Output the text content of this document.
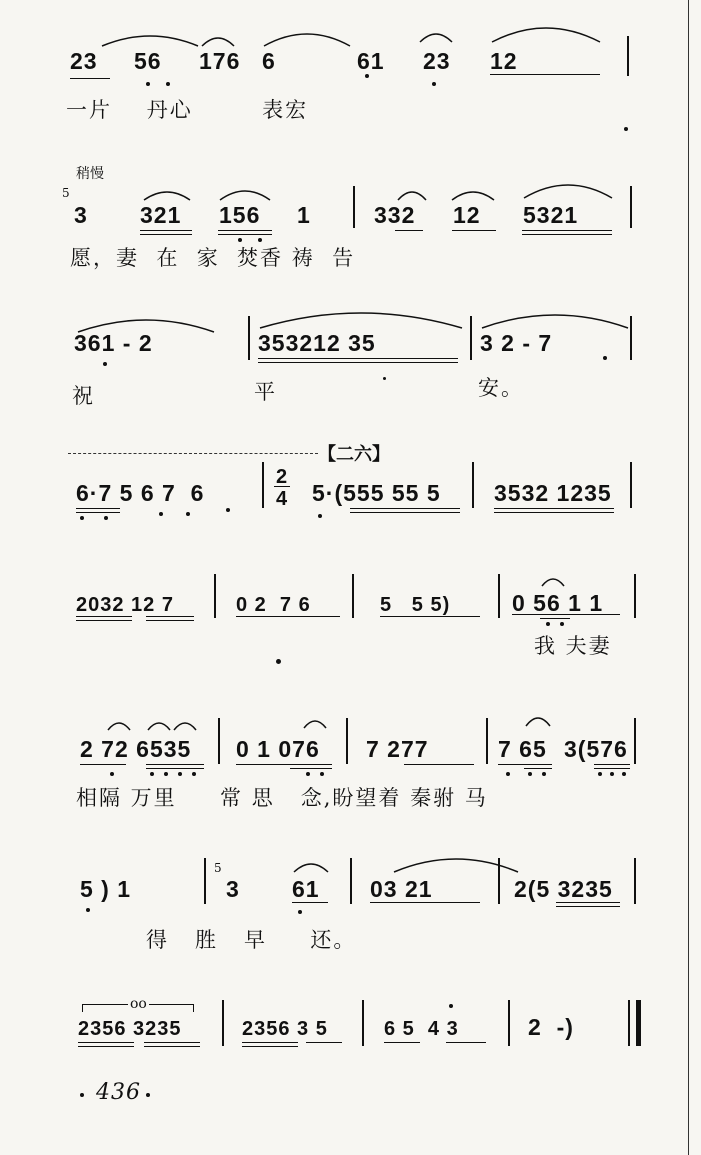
23 56 176 6	61 23 12
一片    丹心        表宏
稍慢
5
3 321 156 1	332 12 5321
愿，妻  在  家  焚香 祷  告
361 - 2	353212 35	3 2 - 7
祝	平	安。
【二六】
6·7 5 6 7  6
2
4 5·(555 55 5 3532 1235
2032 12 7	0 2  7 6	5   5 5)	0 56 1 1
我 夫妻
2 72 6535 0 1 076 7 277	7 65 3(576
相隔 万里     常 思   念,盼望着 秦驸 马
5 ) 1
5
3 61 03 21	2(5 3235
得   胜   早     还。
oo
2356 3235	2356 3 5	6 5  4 3	2  -)
436
